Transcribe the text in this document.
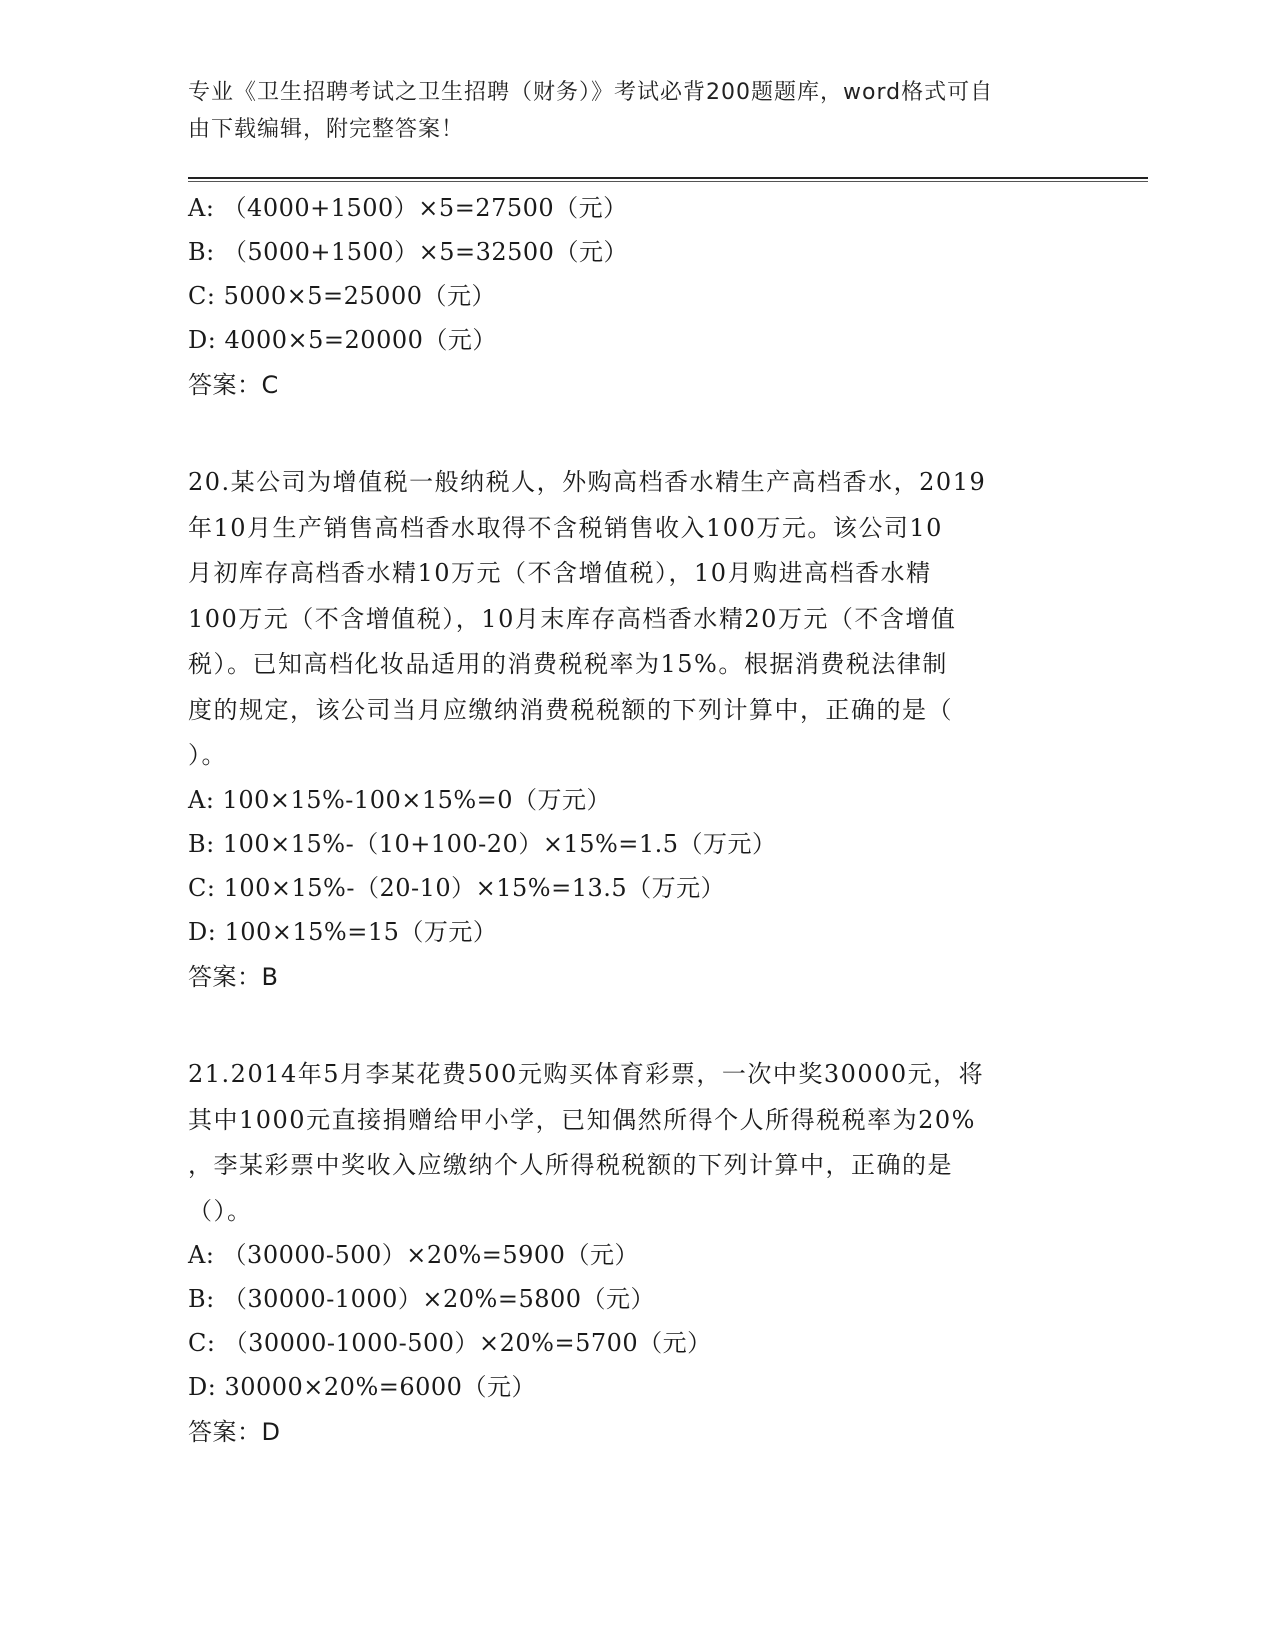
专业《卫生招聘考试之卫生招聘（财务）》考试必背200题题库，word格式可自
由下载编辑，附完整答案！
A: （4000+1500）×5=27500（元）
B: （5000+1500）×5=32500（元）
C: 5000×5=25000（元）
D: 4000×5=20000（元）
答案：C
20.某公司为增值税一般纳税人，外购高档香水精生产高档香水，2019
年10月生产销售高档香水取得不含税销售收入100万元。该公司10
月初库存高档香水精10万元（不含增值税），10月购进高档香水精
100万元（不含增值税），10月末库存高档香水精20万元（不含增值
税）。已知高档化妆品适用的消费税税率为15%。根据消费税法律制
度的规定，该公司当月应缴纳消费税税额的下列计算中，正确的是（
）。
A: 100×15%-100×15%=0（万元）
B: 100×15%-（10+100-20）×15%=1.5（万元）
C: 100×15%-（20-10）×15%=13.5（万元）
D: 100×15%=15（万元）
答案：B
21.2014年5月李某花费500元购买体育彩票，一次中奖30000元，将
其中1000元直接捐赠给甲小学，已知偶然所得个人所得税税率为20%
，李某彩票中奖收入应缴纳个人所得税税额的下列计算中，正确的是
（）。
A: （30000-500）×20%=5900（元）
B: （30000-1000）×20%=5800（元）
C: （30000-1000-500）×20%=5700（元）
D: 30000×20%=6000（元）
答案：D
